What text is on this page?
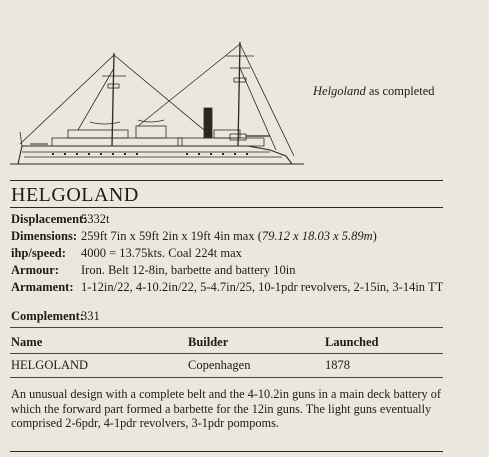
Helgoland as completed
HELGOLAND
Displacement:
5332t
Dimensions: 259ft 7in x 59ft 2in x 19ft 4in max (79.12 x 18.03 x 5.89m)
ihp/speed: 4000 = 13.75kts. Coal 224t max
Armour: Iron. Belt 12-8in, barbette and battery 10in
Armament: 1-12in/22, 4-10.2in/22, 5-4.7in/25, 10-1pdr revolvers, 2-15in, 3-14in TT
Complement:
331
Name	Builder	Launched
HELGOLAND	Copenhagen	1878
An unusual design with a complete belt and the 4-10.2in guns in a main deck battery of which the forward part formed a barbette for the 12in guns. The light guns eventually comprised 2-6pdr, 4-1pdr revolvers, 3-1pdr pompoms.
